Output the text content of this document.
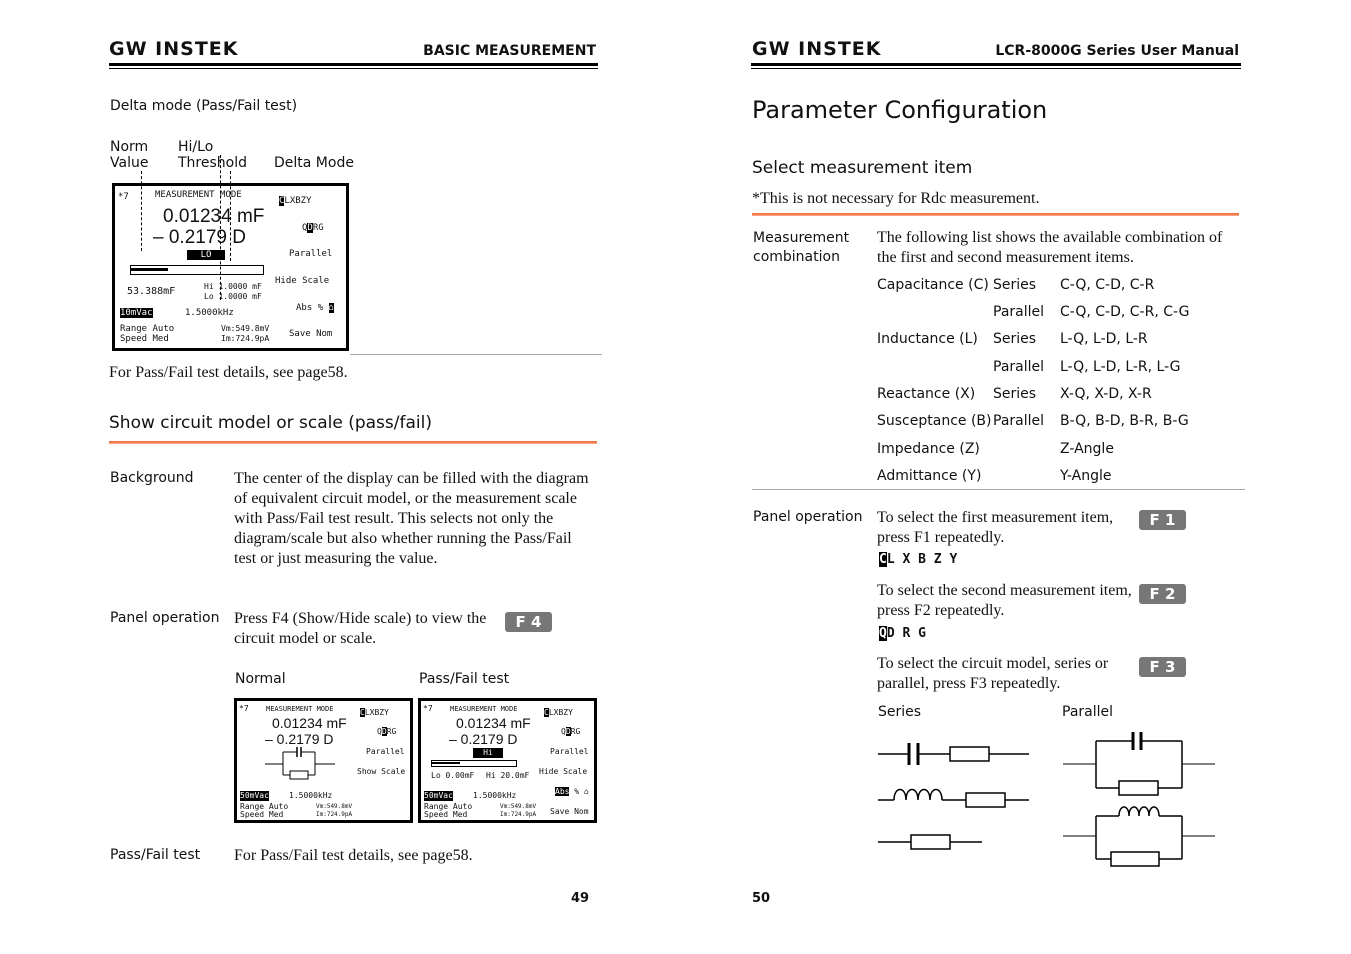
GW INSTEK	BASIC MEASUREMENT
Delta mode (Pass/Fail test)
Norm
Value
Hi/Lo
Threshold Delta Mode
*7	MEASUREMENT MODE
CLXBZY
0.01234 mF
– 0.2179 D	QDRG
Parallel
LO
Hide Scale
53.388mF	Hi 1.0000 mF
Lo 1.0000 mF
Abs % ⌂
10mVac	1.5000kHz
Range Auto
Speed Med
Vm:549.8mV
Im:724.9pA Save Nom
For Pass/Fail test details, see page58.
Show circuit model or scale (pass/fail)
Background	The center of the display can be filled with the diagram of equivalent circuit model, or the measurement scale with Pass/Fail test result. This selects not only the diagram/scale but also whether running the Pass/Fail test or just measuring the value.
Panel operation Press F4 (Show/Hide scale) to view the circuit model or scale.
F 4
Normal	Pass/Fail test
*7 MEASUREMENT MODE	CLXBZY
0.01234 mF
– 0.2179 D	QDRG
Parallel
Show Scale
50mVac	1.5000kHz
Range Auto
Speed Med
Vm:549.8mV
Im:724.9pA
*7 MEASUREMENT MODE	CLXBZY
0.01234 mF
– 0.2179 D	QDRG
Hi	Parallel
Hide Scale
Lo 0.00mF Hi 20.0mF
Abs % ⌂
50mVac	1.5000kHz
Range Auto
Speed Med
Vm:549.8mV
Im:724.9pA Save Nom
Pass/Fail test For Pass/Fail test details, see page58.
49
GW INSTEK	LCR-8000G Series User Manual
Parameter Configuration
Select measurement item
*This is not necessary for Rdc measurement.
Measurement
combination
The following list shows the available combination of the first and second measurement items.
Capacitance (C) Series C-Q, C-D, C-R
Parallel C-Q, C-D, C-R, C-G
Inductance (L) Series L-Q, L-D, L-R
Parallel L-Q, L-D, L-R, L-G
Reactance (X) Series X-Q, X-D, X-R
Susceptance (B) Parallel B-Q, B-D, B-R, B-G
Impedance (Z)	Z-Angle
Admittance (Y)	Y-Angle
Panel operation To select the first measurement item, press F1 repeatedly.
F 1
CL X B Z Y
To select the second measurement item, press F2 repeatedly.
F 2
QD R G
To select the circuit model, series or parallel, press F3 repeatedly.
F 3
Series	Parallel
50
